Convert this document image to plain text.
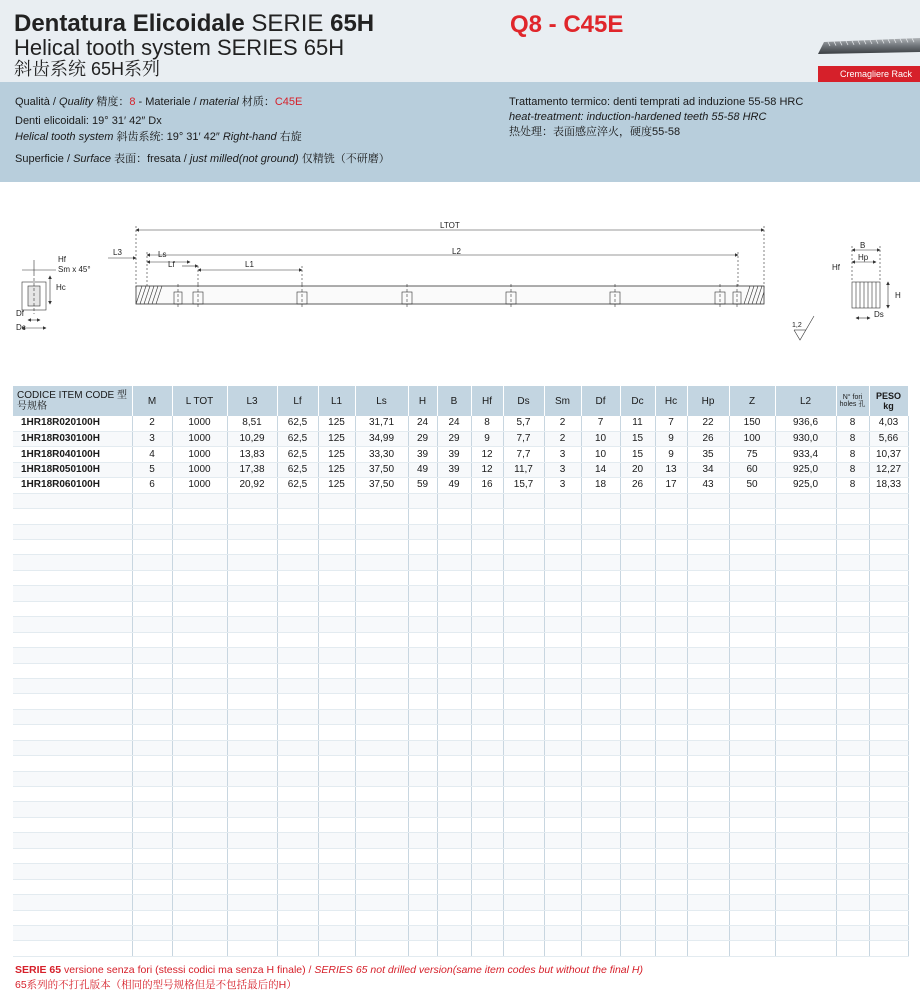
Dentatura Elicoidale SERIE 65H
Helical tooth system SERIES 65H
斜齿系统 65H系列
Q8 - C45E
Cremagliere Rack
Qualità / Quality 精度：8 - Materiale / material 材质：C45E
Denti elicoidali: 19° 31′ 42″ Dx
Helical tooth system 斜齿系统: 19° 31′ 42″ Right-hand 右旋
Superficie / Surface 表面：fresata / just milled(not ground) 仅精铣（不研磨）
Trattamento termico: denti temprati ad induzione 55-58 HRC
heat-treatment: induction-hardened teeth 55-58 HRC
热处理：表面感应淬火，硬度55-58
LTOT
L3	Ls
Lf	L1
L2
Hf
Sm x 45°
Hc
Df
Dc
B
Hp
Hf
H
Ds
1,2
CODICE ITEM CODE 型号规格	M	L TOT	L3	Lf	L1	Ls	H	B	Hf	Ds	Sm	Df	Dc	Hc	Hp	Z	L2	N° fori holes 孔	PESO kg
1HR18R020100H	2	1000	8,51	62,5	125	31,71	24	24	8	5,7	2	7	11	7	22	150	936,6	8	4,03
1HR18R030100H	3	1000	10,29	62,5	125	34,99	29	29	9	7,7	2	10	15	9	26	100	930,0	8	5,66
1HR18R040100H	4	1000	13,83	62,5	125	33,30	39	39	12	7,7	3	10	15	9	35	75	933,4	8	10,37
1HR18R050100H	5	1000	17,38	62,5	125	37,50	49	39	12	11,7	3	14	20	13	34	60	925,0	8	12,27
1HR18R060100H	6	1000	20,92	62,5	125	37,50	59	49	16	15,7	3	18	26	17	43	50	925,0	8	18,33

SERIE 65 versione senza fori (stessi codici ma senza H finale) / SERIES 65 not drilled version(same item codes but without the final H)
65系列的不打孔版本（相同的型号规格但是不包括最后的H）
